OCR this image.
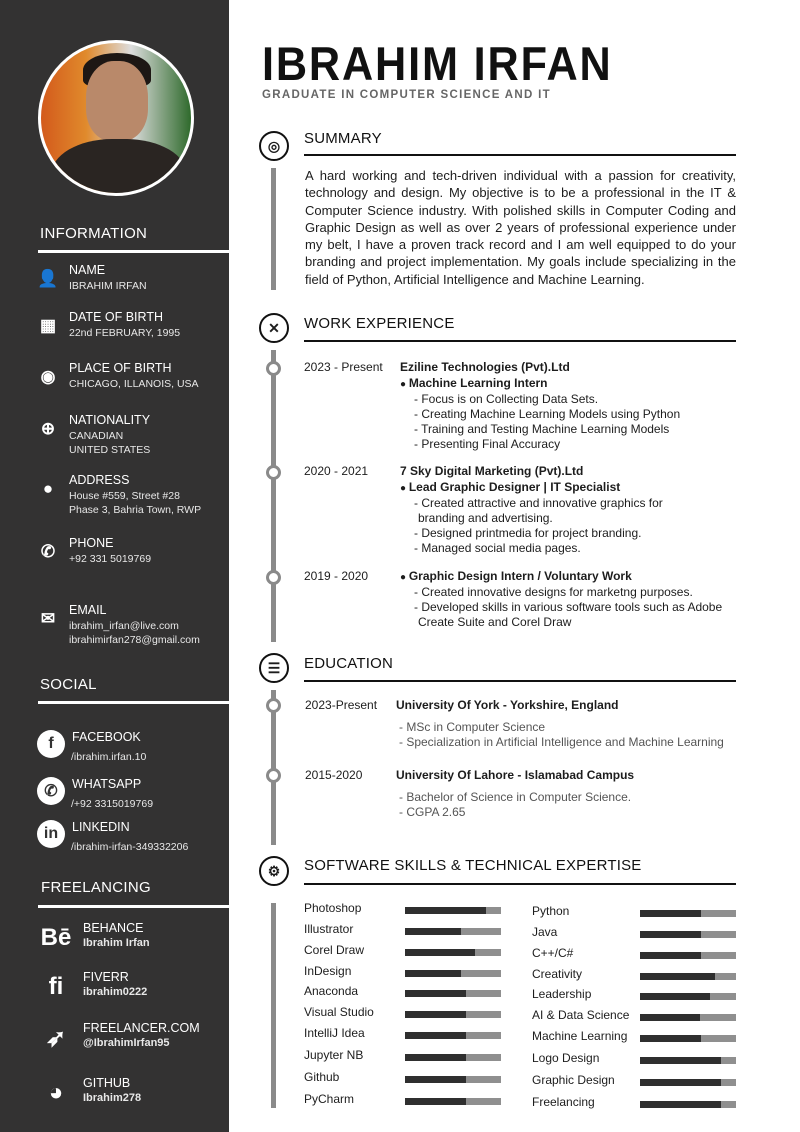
INFORMATION
👤 NAME
IBRAHIM IRFAN
▦ DATE OF BIRTH
22nd FEBRUARY, 1995
◉ PLACE OF BIRTH
CHICAGO, ILLANOIS, USA
⊕	NATIONALITY
CANADIAN
UNITED STATES
●	ADDRESS
House #559, Street #28
Phase 3, Bahria Town, RWP
✆	PHONE
+92 331 5019769
✉	EMAIL
ibrahim_irfan@live.com
ibrahimirfan278@gmail.com
SOCIAL
f	FACEBOOK
/ibrahim.irfan.10
✆	WHATSAPP
/+92 3315019769
in	LINKEDIN
/ibrahim-irfan-349332206
FREELANCING
Bē BEHANCE
Ibrahim Irfan
fi	FIVERR
ibrahim0222
➶	FREELANCER.COM
@IbrahimIrfan95
◕	GITHUB
Ibrahim278
IBRAHIM IRFAN
GRADUATE IN COMPUTER SCIENCE AND IT
◎	SUMMARY
A hard working and tech-driven individual with a passion for creativity, technology and design. My objective is to be a professional in the IT & Computer Science industry. With polished skills in Computer Coding and Graphic Design as well as over 2 years of professional experience under my belt, I have a proven track record and I am well equipped to do your branding and project implementation. My goals include specializing in the field of Python, Artificial Intelligence and Machine Learning.
✕	WORK EXPERIENCE
2023 - Present Eziline Technologies (Pvt).Ltd
● Machine Learning Intern
- Focus is on Collecting Data Sets.
- Creating Machine Learning Models using Python
- Training and Testing Machine Learning Models
- Presenting Final Accuracy
2020 - 2021	7 Sky Digital Marketing (Pvt).Ltd
● Lead Graphic Designer | IT Specialist
- Created attractive and innovative graphics for
branding and advertising.
- Designed printmedia for project branding.
- Managed social media pages.
2019 - 2020	● Graphic Design Intern / Voluntary Work
- Created innovative designs for marketng purposes.
- Developed skills in various software tools such as Adobe
Create Suite and Corel Draw
☰	EDUCATION
2023-Present University Of York - Yorkshire, England
- MSc in Computer Science
- Specialization in Artificial Intelligence and Machine Learning
2015-2020	University Of Lahore - Islamabad Campus
- Bachelor of Science in Computer Science.
- CGPA 2.65
⚙	SOFTWARE SKILLS & TECHNICAL EXPERTISE
Photoshop
Illustrator
Corel Draw
InDesign
Anaconda
Visual Studio
IntelliJ Idea
Jupyter NB
Github
PyCharm
Python
Java
C++/C#
Creativity
Leadership
AI & Data Science
Machine Learning
Logo Design
Graphic Design
Freelancing
